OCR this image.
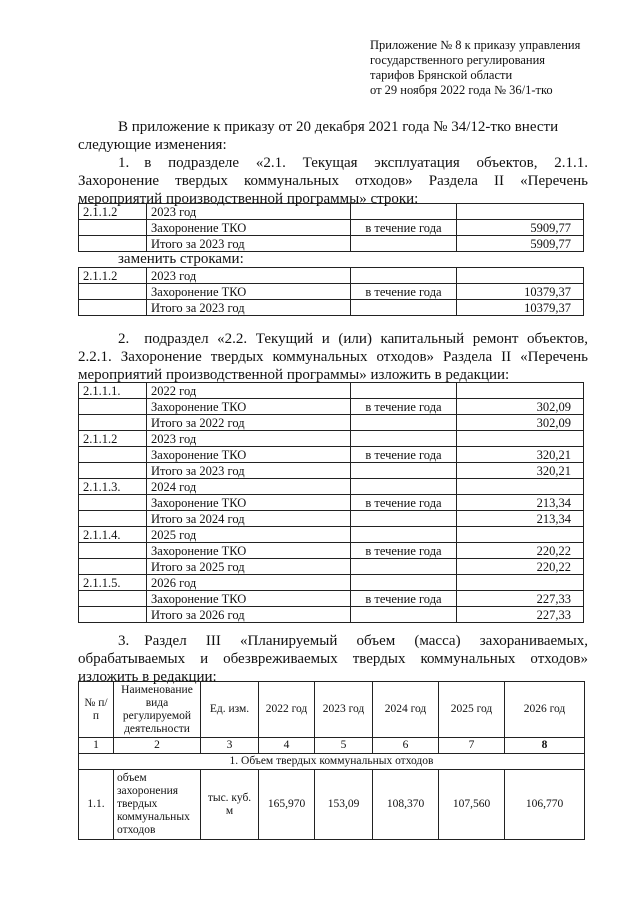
Приложение № 8 к приказу управления
государственного регулирования
тарифов Брянской области
от 29 ноября 2022 года № 36/1-тко
В приложение к приказу от 20 декабря 2021 года № 34/12-тко внести
следующие изменения:
1. в подразделе «2.1. Текущая эксплуатация объектов, 2.1.1. Захоронение твердых коммунальных отходов» Раздела II «Перечень мероприятий производственной программы» строки:
2.1.1.2	2023 год		
	Захоронение ТКО	в течение года	5909,77
	Итого за 2023 год		5909,77
заменить строками:
2.1.1.2	2023 год		
	Захоронение ТКО	в течение года	10379,37
	Итого за 2023 год		10379,37
2. подраздел «2.2. Текущий и (или) капитальный ремонт объектов, 2.2.1. Захоронение твердых коммунальных отходов» Раздела II «Перечень мероприятий производственной программы» изложить в редакции:
2.1.1.1.	2022 год		
	Захоронение ТКО	в течение года	302,09
	Итого за 2022 год		302,09
2.1.1.2	2023 год		
	Захоронение ТКО	в течение года	320,21
	Итого за 2023 год		320,21
2.1.1.3.	2024 год		
	Захоронение ТКО	в течение года	213,34
	Итого за 2024 год		213,34
2.1.1.4.	2025 год		
	Захоронение ТКО	в течение года	220,22
	Итого за 2025 год		220,22
2.1.1.5.	2026 год		
	Захоронение ТКО	в течение года	227,33
	Итого за 2026 год		227,33
3. Раздел III «Планируемый объем (масса) захораниваемых, обрабатываемых и обезвреживаемых твердых коммунальных отходов» изложить в редакции:
№ п/п	Наименование вида регулируемой деятельности	Ед. изм.	2022 год	2023 год	2024 год	2025 год	2026 год
1	2	3	4	5	6	7	8
1. Объем твердых коммунальных отходов							
1.1.	объем захоронения твердых коммунальных отходов	тыс. куб. м	165,970	153,09	108,370	107,560	106,770
